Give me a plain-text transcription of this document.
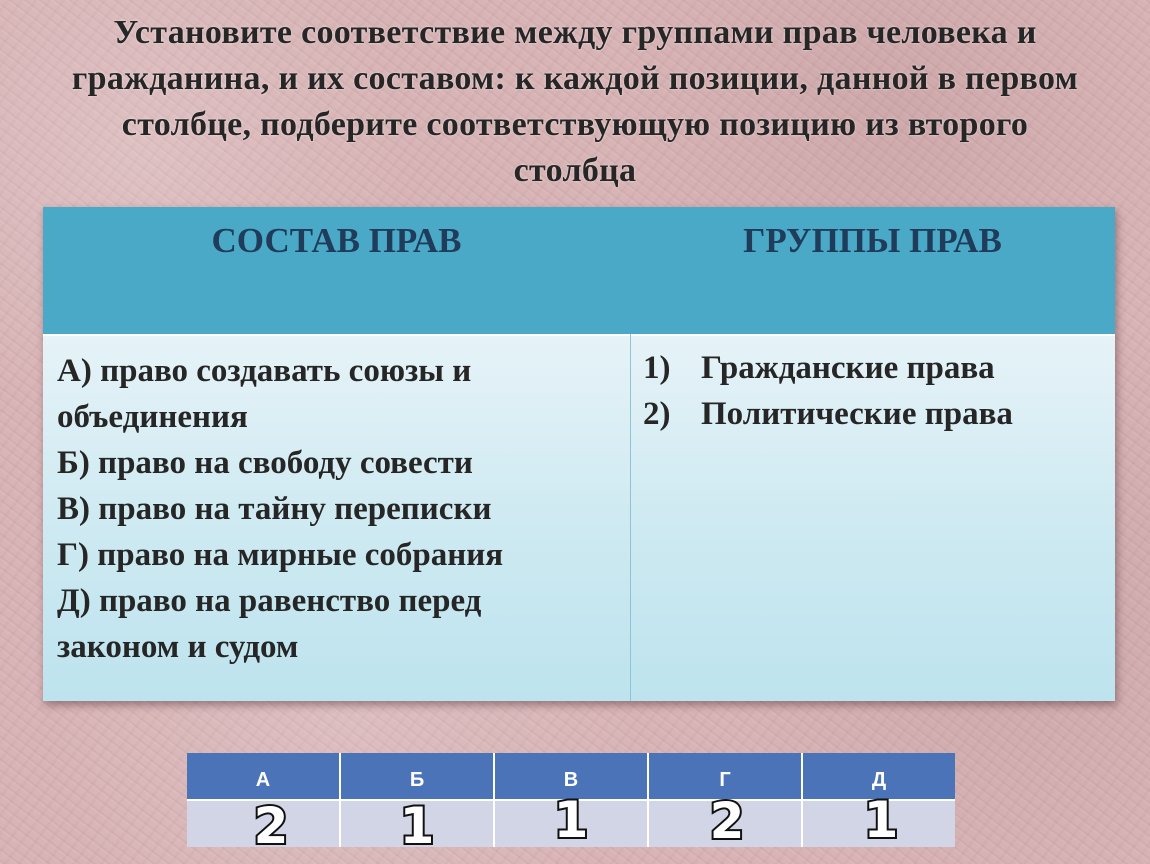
Установите соответствие между группами прав человека и
гражданина, и их составом: к каждой позиции, данной в первом
столбце, подберите соответствующую позицию из второго
столбца
СОСТАВ ПРАВ	ГРУППЫ ПРАВ
А) право создавать союзы и
объединения
Б) право на свободу совести
В) право на тайну переписки
Г) право на мирные собрания
Д) право на равенство перед
законом и судом
1) Гражданские права
2) Политические права
А	Б	В	Г	Д
2 1 1 2 1
